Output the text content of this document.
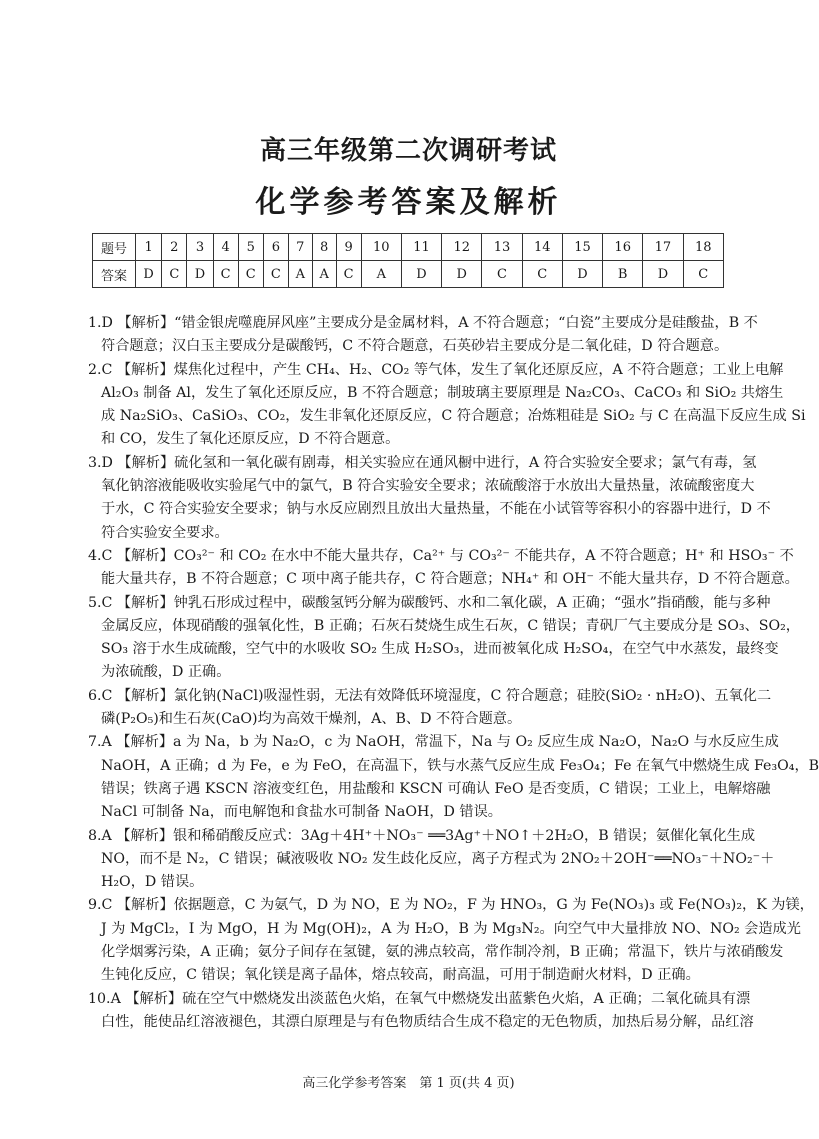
高三年级第二次调研考试
化学参考答案及解析
题号	1	2	3	4	5	6	7	8	9	10	11	12	13	14	15	16	17	18
答案	D	C	D	C	C	C	A	A	C	A	D	D	C	C	D	B	D	C
1.D 【解析】“错金银虎噬鹿屏风座”主要成分是金属材料，A 不符合题意；“白瓷”主要成分是硅酸盐，B 不
符合题意；汉白玉主要成分是碳酸钙，C 不符合题意，石英砂岩主要成分是二氧化硅，D 符合题意。
2.C 【解析】煤焦化过程中，产生 CH₄、H₂、CO₂ 等气体，发生了氧化还原反应，A 不符合题意；工业上电解
Al₂O₃ 制备 Al，发生了氧化还原反应，B 不符合题意；制玻璃主要原理是 Na₂CO₃、CaCO₃ 和 SiO₂ 共熔生
成 Na₂SiO₃、CaSiO₃、CO₂，发生非氧化还原反应，C 符合题意；冶炼粗硅是 SiO₂ 与 C 在高温下反应生成 Si
和 CO，发生了氧化还原反应，D 不符合题意。
3.D 【解析】硫化氢和一氧化碳有剧毒，相关实验应在通风橱中进行，A 符合实验安全要求；氯气有毒，氢
氧化钠溶液能吸收实验尾气中的氯气，B 符合实验安全要求；浓硫酸溶于水放出大量热量，浓硫酸密度大
于水，C 符合实验安全要求；钠与水反应剧烈且放出大量热量，不能在小试管等容积小的容器中进行，D 不
符合实验安全要求。
4.C 【解析】CO₃²⁻ 和 CO₂ 在水中不能大量共存，Ca²⁺ 与 CO₃²⁻ 不能共存，A 不符合题意；H⁺ 和 HSO₃⁻ 不
能大量共存，B 不符合题意；C 项中离子能共存，C 符合题意；NH₄⁺ 和 OH⁻ 不能大量共存，D 不符合题意。
5.C 【解析】钟乳石形成过程中，碳酸氢钙分解为碳酸钙、水和二氧化碳，A 正确；“强水”指硝酸，能与多种
金属反应，体现硝酸的强氧化性，B 正确；石灰石焚烧生成生石灰，C 错误；青矾厂气主要成分是 SO₃、SO₂，
SO₃ 溶于水生成硫酸，空气中的水吸收 SO₂ 生成 H₂SO₃，进而被氧化成 H₂SO₄，在空气中水蒸发，最终变
为浓硫酸，D 正确。
6.C 【解析】氯化钠(NaCl)吸湿性弱，无法有效降低环境湿度，C 符合题意；硅胶(SiO₂ · nH₂O)、五氧化二
磷(P₂O₅)和生石灰(CaO)均为高效干燥剂，A、B、D 不符合题意。
7.A 【解析】a 为 Na，b 为 Na₂O，c 为 NaOH，常温下，Na 与 O₂ 反应生成 Na₂O，Na₂O 与水反应生成
NaOH，A 正确；d 为 Fe，e 为 FeO，在高温下，铁与水蒸气反应生成 Fe₃O₄；Fe 在氧气中燃烧生成 Fe₃O₄，B
错误；铁离子遇 KSCN 溶液变红色，用盐酸和 KSCN 可确认 FeO 是否变质，C 错误；工业上，电解熔融
NaCl 可制备 Na，而电解饱和食盐水可制备 NaOH，D 错误。
8.A 【解析】银和稀硝酸反应式：3Ag＋4H⁺＋NO₃⁻ ══3Ag⁺＋NO↑＋2H₂O，B 错误；氨催化氧化生成
NO，而不是 N₂，C 错误；碱液吸收 NO₂ 发生歧化反应，离子方程式为 2NO₂＋2OH⁻══NO₃⁻＋NO₂⁻＋
H₂O，D 错误。
9.C 【解析】依据题意，C 为氨气，D 为 NO，E 为 NO₂，F 为 HNO₃，G 为 Fe(NO₃)₃ 或 Fe(NO₃)₂，K 为镁，
J 为 MgCl₂，I 为 MgO，H 为 Mg(OH)₂，A 为 H₂O，B 为 Mg₃N₂。向空气中大量排放 NO、NO₂ 会造成光
化学烟雾污染，A 正确；氨分子间存在氢键，氨的沸点较高，常作制冷剂，B 正确；常温下，铁片与浓硝酸发
生钝化反应，C 错误；氧化镁是离子晶体，熔点较高，耐高温，可用于制造耐火材料，D 正确。
10.A 【解析】硫在空气中燃烧发出淡蓝色火焰，在氧气中燃烧发出蓝紫色火焰，A 正确；二氧化硫具有漂
白性，能使品红溶液褪色，其漂白原理是与有色物质结合生成不稳定的无色物质，加热后易分解，品红溶
高三化学参考答案　第 1 页(共 4 页)
